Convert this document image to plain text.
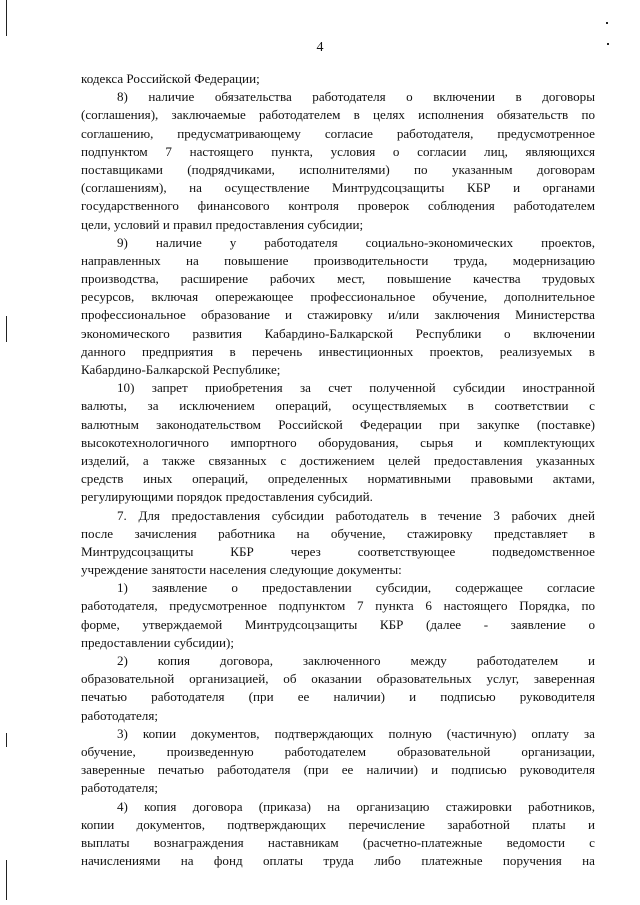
4
кодекса Российской Федерации;
8) наличие обязательства работодателя о включении в договоры
(соглашения), заключаемые работодателем в целях исполнения обязательств по
соглашению, предусматривающему согласие работодателя, предусмотренное
подпунктом 7 настоящего пункта, условия о согласии лиц, являющихся
поставщиками (подрядчиками, исполнителями) по указанным договорам
(соглашениям), на осуществление Минтрудсоцзащиты КБР и органами
государственного финансового контроля проверок соблюдения работодателем
цели, условий и правил предоставления субсидии;
9) наличие у работодателя социально-экономических проектов,
направленных на повышение производительности труда, модернизацию
производства, расширение рабочих мест, повышение качества трудовых
ресурсов, включая опережающее профессиональное обучение, дополнительное
профессиональное образование и стажировку и/или заключения Министерства
экономического развития Кабардино-Балкарской Республики о включении
данного предприятия в перечень инвестиционных проектов, реализуемых в
Кабардино-Балкарской Республике;
10) запрет приобретения за счет полученной субсидии иностранной
валюты, за исключением операций, осуществляемых в соответствии с
валютным законодательством Российской Федерации при закупке (поставке)
высокотехнологичного импортного оборудования, сырья и комплектующих
изделий, а также связанных с достижением целей предоставления указанных
средств иных операций, определенных нормативными правовыми актами,
регулирующими порядок предоставления субсидий.
7. Для предоставления субсидии работодатель в течение 3 рабочих дней
после зачисления работника на обучение, стажировку представляет в
Минтрудсоцзащиты КБР через соответствующее подведомственное
учреждение занятости населения следующие документы:
1) заявление о предоставлении субсидии, содержащее согласие
работодателя, предусмотренное подпунктом 7 пункта 6 настоящего Порядка, по
форме, утверждаемой Минтрудсоцзащиты КБР (далее - заявление о
предоставлении субсидии);
2) копия договора, заключенного между работодателем и
образовательной организацией, об оказании образовательных услуг, заверенная
печатью работодателя (при ее наличии) и подписью руководителя
работодателя;
3) копии документов, подтверждающих полную (частичную) оплату за
обучение, произведенную работодателем образовательной организации,
заверенные печатью работодателя (при ее наличии) и подписью руководителя
работодателя;
4) копия договора (приказа) на организацию стажировки работников,
копии документов, подтверждающих перечисление заработной платы и
выплаты вознаграждения наставникам (расчетно-платежные ведомости с
начислениями на фонд оплаты труда либо платежные поручения на
